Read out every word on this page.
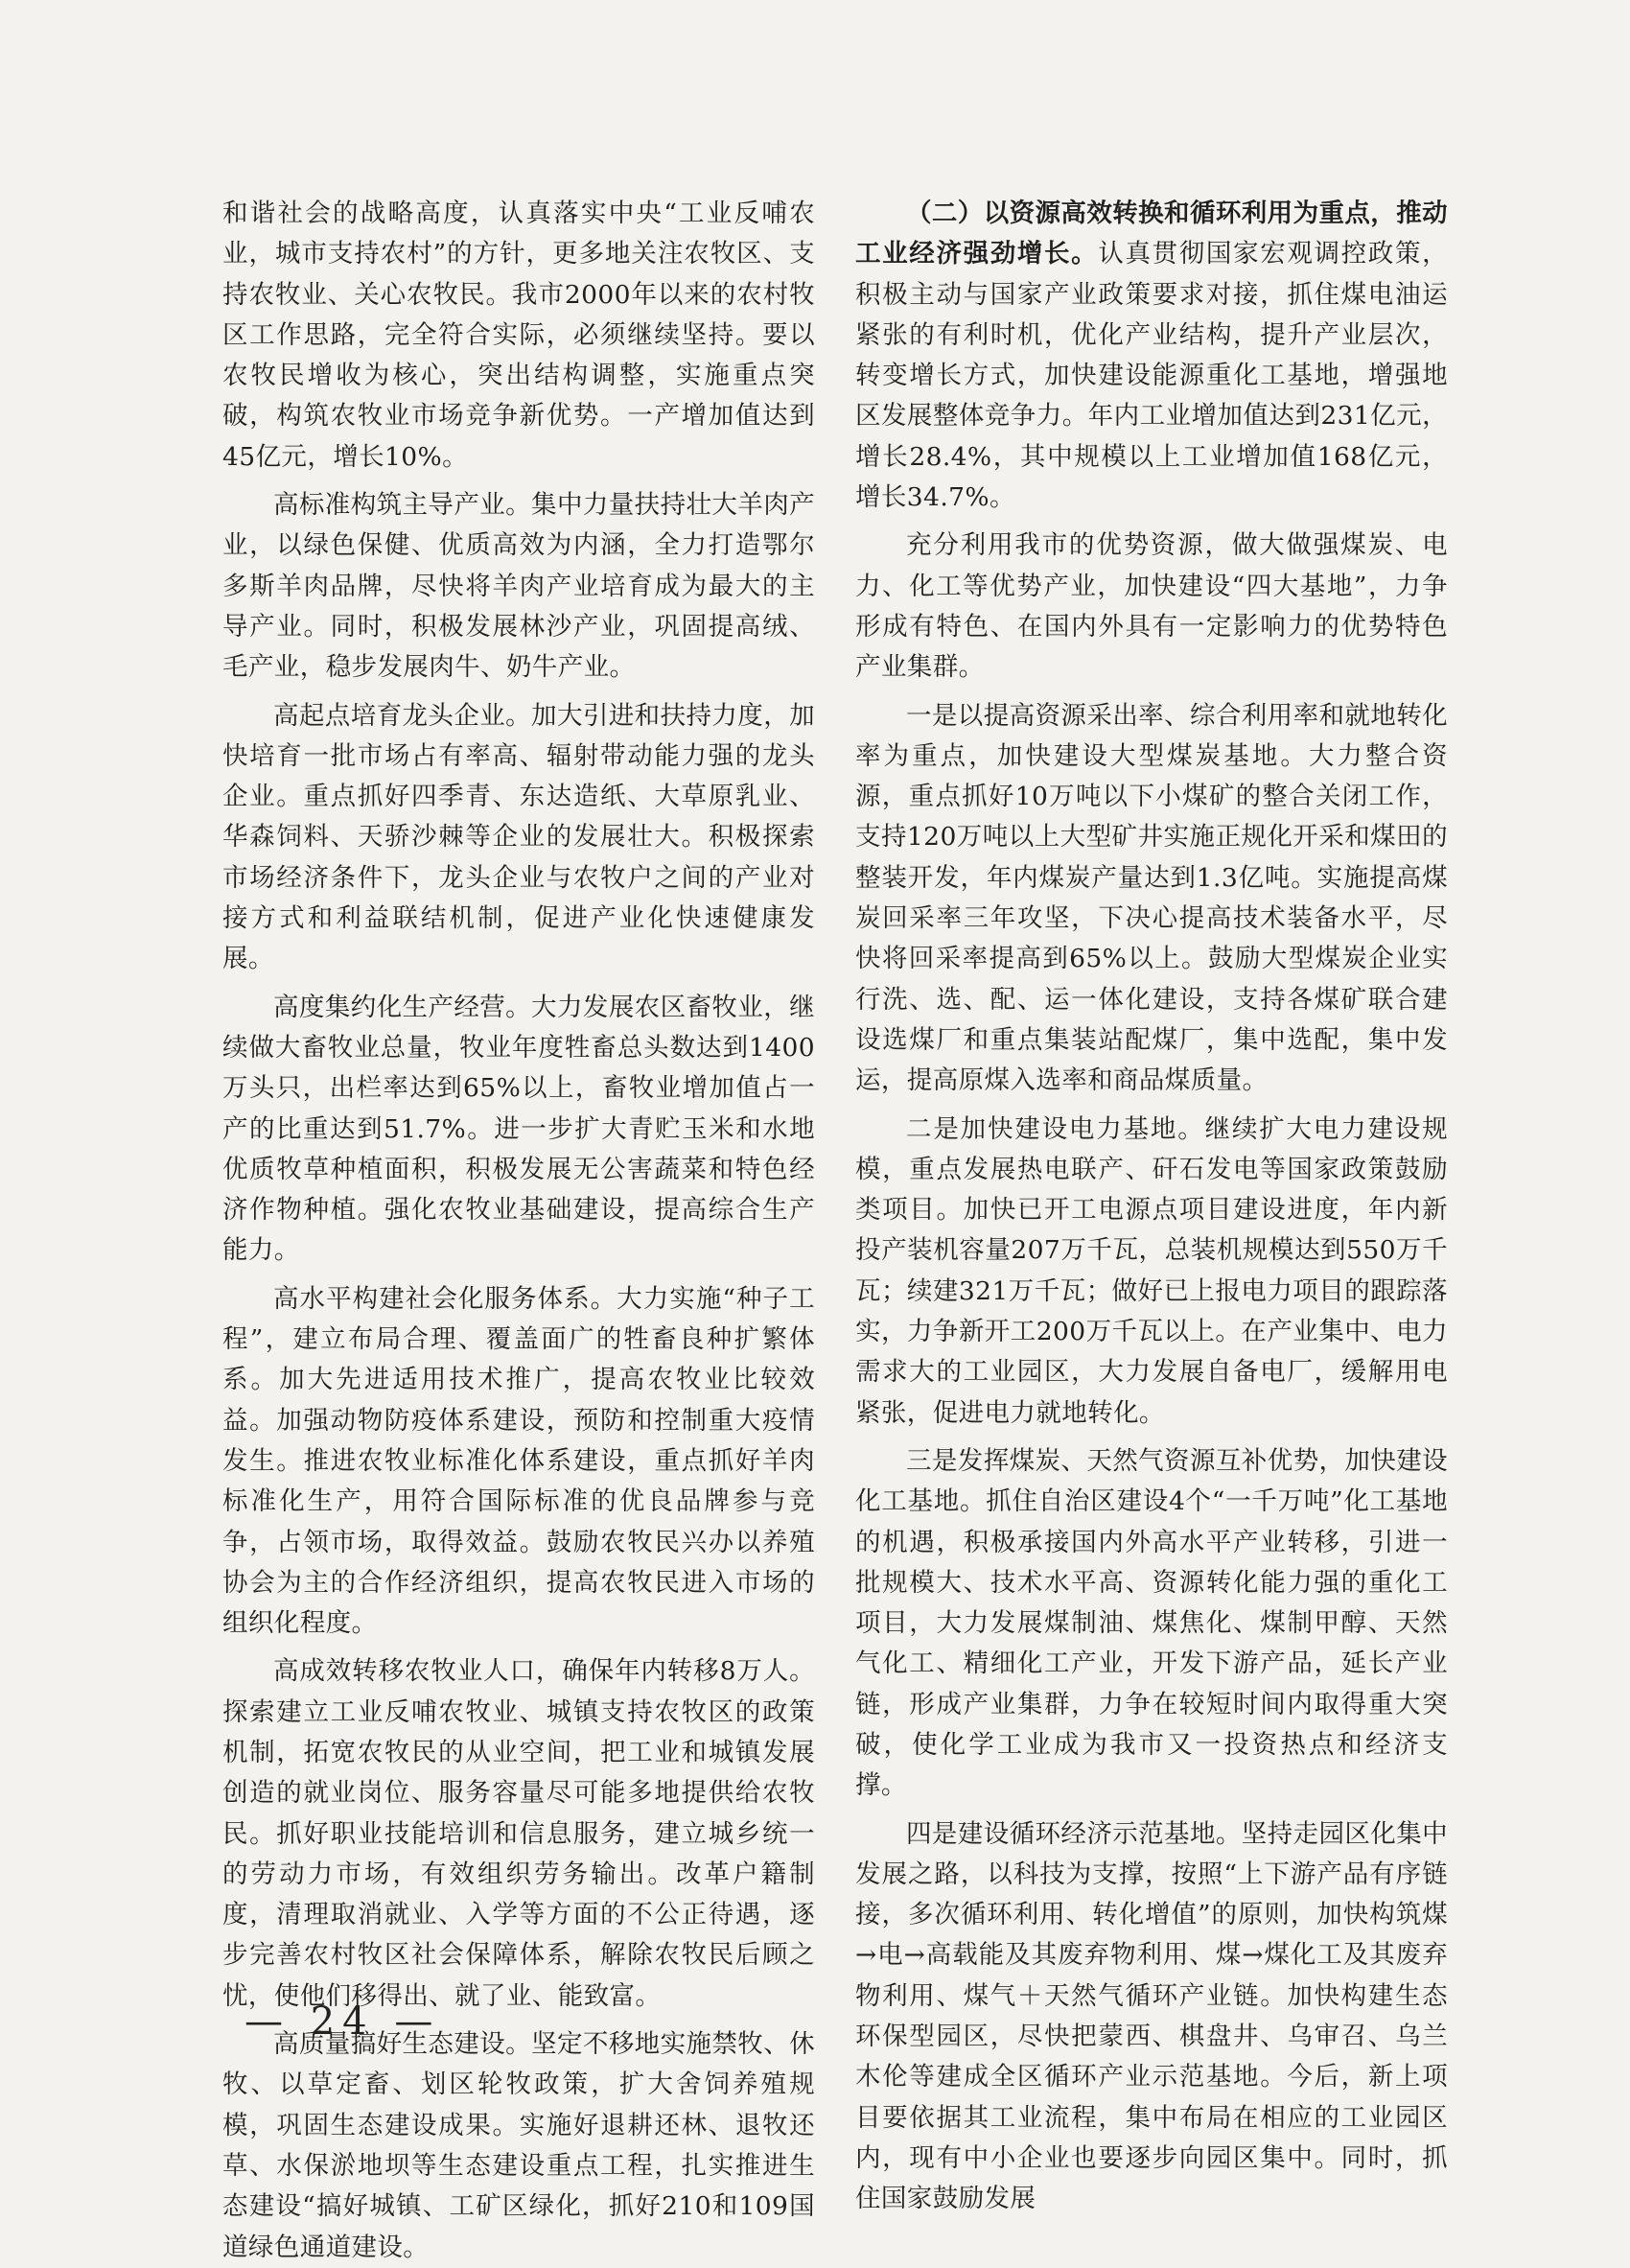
和谐社会的战略高度，认真落实中央“工业反哺农业，城市支持农村”的方针，更多地关注农牧区、支持农牧业、关心农牧民。我市2000年以来的农村牧区工作思路，完全符合实际，必须继续坚持。要以农牧民增收为核心，突出结构调整，实施重点突破，构筑农牧业市场竞争新优势。一产增加值达到45亿元，增长10%。

高标准构筑主导产业。集中力量扶持壮大羊肉产业，以绿色保健、优质高效为内涵，全力打造鄂尔多斯羊肉品牌，尽快将羊肉产业培育成为最大的主导产业。同时，积极发展林沙产业，巩固提高绒、毛产业，稳步发展肉牛、奶牛产业。

高起点培育龙头企业。加大引进和扶持力度，加快培育一批市场占有率高、辐射带动能力强的龙头企业。重点抓好四季青、东达造纸、大草原乳业、华森饲料、天骄沙棘等企业的发展壮大。积极探索市场经济条件下，龙头企业与农牧户之间的产业对接方式和利益联结机制，促进产业化快速健康发展。

高度集约化生产经营。大力发展农区畜牧业，继续做大畜牧业总量，牧业年度牲畜总头数达到1400万头只，出栏率达到65%以上，畜牧业增加值占一产的比重达到51.7%。进一步扩大青贮玉米和水地优质牧草种植面积，积极发展无公害蔬菜和特色经济作物种植。强化农牧业基础建设，提高综合生产能力。

高水平构建社会化服务体系。大力实施“种子工程”，建立布局合理、覆盖面广的牲畜良种扩繁体系。加大先进适用技术推广，提高农牧业比较效益。加强动物防疫体系建设，预防和控制重大疫情发生。推进农牧业标准化体系建设，重点抓好羊肉标准化生产，用符合国际标准的优良品牌参与竞争，占领市场，取得效益。鼓励农牧民兴办以养殖协会为主的合作经济组织，提高农牧民进入市场的组织化程度。

高成效转移农牧业人口，确保年内转移8万人。探索建立工业反哺农牧业、城镇支持农牧区的政策机制，拓宽农牧民的从业空间，把工业和城镇发展创造的就业岗位、服务容量尽可能多地提供给农牧民。抓好职业技能培训和信息服务，建立城乡统一的劳动力市场，有效组织劳务输出。改革户籍制度，清理取消就业、入学等方面的不公正待遇，逐步完善农村牧区社会保障体系，解除农牧民后顾之忧，使他们移得出、就了业、能致富。

高质量搞好生态建设。坚定不移地实施禁牧、休牧、以草定畜、划区轮牧政策，扩大舍饲养殖规模，巩固生态建设成果。实施好退耕还林、退牧还草、水保淤地坝等生态建设重点工程，扎实推进生态建设“搞好城镇、工矿区绿化，抓好210和109国道绿色通道建设。

（二）以资源高效转换和循环利用为重点，推动工业经济强劲增长。认真贯彻国家宏观调控政策，积极主动与国家产业政策要求对接，抓住煤电油运紧张的有利时机，优化产业结构，提升产业层次，转变增长方式，加快建设能源重化工基地，增强地区发展整体竞争力。年内工业增加值达到231亿元，增长28.4%，其中规模以上工业增加值168亿元，增长34.7%。

充分利用我市的优势资源，做大做强煤炭、电力、化工等优势产业，加快建设“四大基地”，力争形成有特色、在国内外具有一定影响力的优势特色产业集群。

一是以提高资源采出率、综合利用率和就地转化率为重点，加快建设大型煤炭基地。大力整合资源，重点抓好10万吨以下小煤矿的整合关闭工作，支持120万吨以上大型矿井实施正规化开采和煤田的整装开发，年内煤炭产量达到1.3亿吨。实施提高煤炭回采率三年攻坚，下决心提高技术装备水平，尽快将回采率提高到65%以上。鼓励大型煤炭企业实行洗、选、配、运一体化建设，支持各煤矿联合建设选煤厂和重点集装站配煤厂，集中选配，集中发运，提高原煤入选率和商品煤质量。

二是加快建设电力基地。继续扩大电力建设规模，重点发展热电联产、矸石发电等国家政策鼓励类项目。加快已开工电源点项目建设进度，年内新投产装机容量207万千瓦，总装机规模达到550万千瓦；续建321万千瓦；做好已上报电力项目的跟踪落实，力争新开工200万千瓦以上。在产业集中、电力需求大的工业园区，大力发展自备电厂，缓解用电紧张，促进电力就地转化。

三是发挥煤炭、天然气资源互补优势，加快建设化工基地。抓住自治区建设4个“一千万吨”化工基地的机遇，积极承接国内外高水平产业转移，引进一批规模大、技术水平高、资源转化能力强的重化工项目，大力发展煤制油、煤焦化、煤制甲醇、天然气化工、精细化工产业，开发下游产品，延长产业链，形成产业集群，力争在较短时间内取得重大突破，使化学工业成为我市又一投资热点和经济支撑。

四是建设循环经济示范基地。坚持走园区化集中发展之路，以科技为支撑，按照“上下游产品有序链接，多次循环利用、转化增值”的原则，加快构筑煤→电→高载能及其废弃物利用、煤→煤化工及其废弃物利用、煤气＋天然气循环产业链。加快构建生态环保型园区，尽快把蒙西、棋盘井、乌审召、乌兰木伦等建成全区循环产业示范基地。今后，新上项目要依据其工业流程，集中布局在相应的工业园区内，现有中小企业也要逐步向园区集中。同时，抓住国家鼓励发展

— 24 —
